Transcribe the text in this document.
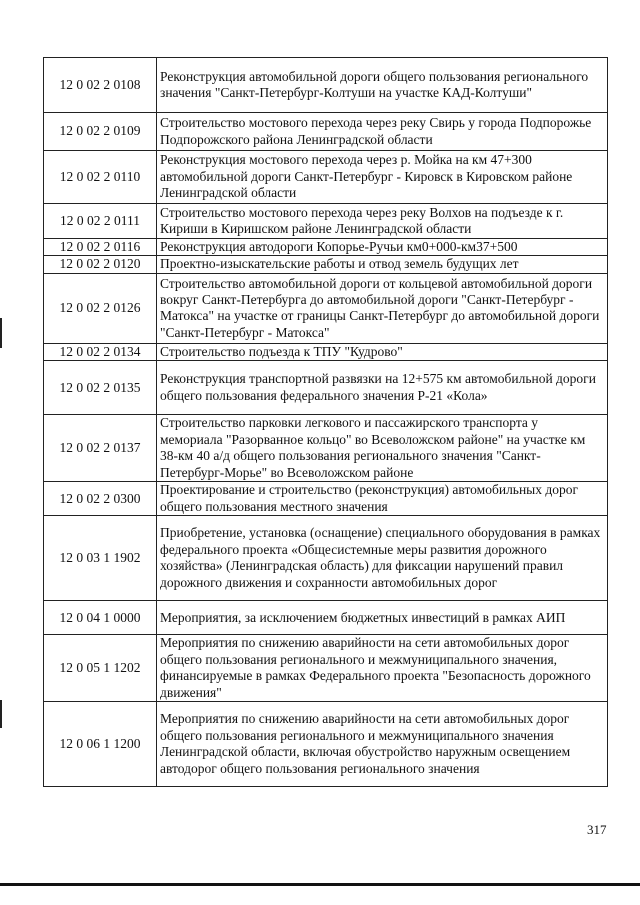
12 0 02 2 0108	Реконструкция автомобильной дороги общего пользования регионального значения "Санкт-Петербург-Колтуши на участке КАД-Колтуши"
12 0 02 2 0109	Строительство мостового перехода через реку Свирь у города Подпорожье Подпорожского района Ленинградской области
12 0 02 2 0110	Реконструкция мостового перехода через р. Мойка на км 47+300 автомобильной дороги Санкт-Петербург - Кировск в Кировском районе Ленинградской области
12 0 02 2 0111	Строительство мостового перехода через реку Волхов на подъезде к г. Кириши в Киришском районе Ленинградской области
12 0 02 2 0116	Реконструкция автодороги Копорье-Ручьи км0+000-км37+500
12 0 02 2 0120	Проектно-изыскательские работы и отвод земель будущих лет
12 0 02 2 0126	Строительство автомобильной дороги от кольцевой автомобильной дороги вокруг Санкт-Петербурга до автомобильной дороги "Санкт-Петербург - Матокса" на участке от границы Санкт-Петербург до автомобильной дороги "Санкт-Петербург - Матокса"
12 0 02 2 0134	Строительство подъезда к ТПУ "Кудрово"
12 0 02 2 0135	Реконструкция транспортной развязки на 12+575 км автомобильной дороги общего пользования федерального значения Р-21 «Кола»
12 0 02 2 0137	Строительство парковки легкового и пассажирского транспорта у мемориала "Разорванное кольцо" во Всеволожском районе" на участке км 38-км 40 а/д общего пользования регионального значения "Санкт-Петербург-Морье" во Всеволожском районе
12 0 02 2 0300	Проектирование и строительство (реконструкция) автомобильных дорог общего пользования местного значения
12 0 03 1 1902	Приобретение, установка (оснащение) специального оборудования в рамках федерального проекта «Общесистемные меры развития дорожного хозяйства» (Ленинградская область) для фиксации нарушений правил дорожного движения и сохранности автомобильных дорог
12 0 04 1 0000	Мероприятия, за исключением бюджетных инвестиций в рамках АИП
12 0 05 1 1202	Мероприятия по снижению аварийности на сети автомобильных дорог общего пользования регионального и межмуниципального значения, финансируемые в рамках Федерального проекта "Безопасность дорожного движения"
12 0 06 1 1200	Мероприятия по снижению аварийности на сети автомобильных дорог общего пользования регионального и межмуниципального значения Ленинградской области, включая обустройство наружным освещением автодорог общего пользования регионального значения
317
